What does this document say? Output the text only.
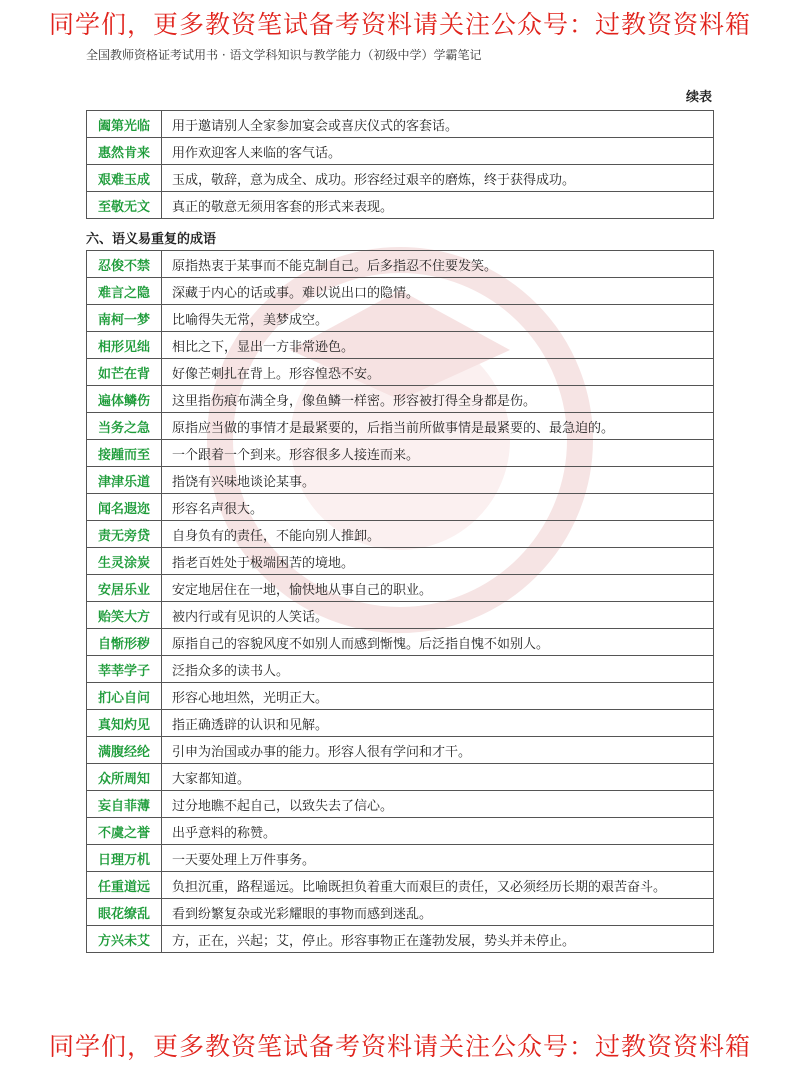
同学们，更多教资笔试备考资料请关注公众号：过教资资料箱
全国教师资格证考试用书 · 语文学科知识与教学能力（初级中学）学霸笔记
续表
阖第光临	用于邀请别人全家参加宴会或喜庆仪式的客套话。
惠然肯来	用作欢迎客人来临的客气话。
艰难玉成	玉成，敬辞，意为成全、成功。形容经过艰辛的磨炼，终于获得成功。
至敬无文	真正的敬意无须用客套的形式来表现。
六、语义易重复的成语
忍俊不禁	原指热衷于某事而不能克制自己。后多指忍不住要发笑。
难言之隐	深藏于内心的话或事。难以说出口的隐情。
南柯一梦	比喻得失无常，美梦成空。
相形见绌	相比之下，显出一方非常逊色。
如芒在背	好像芒刺扎在背上。形容惶恐不安。
遍体鳞伤	这里指伤痕布满全身，像鱼鳞一样密。形容被打得全身都是伤。
当务之急	原指应当做的事情才是最紧要的，后指当前所做事情是最紧要的、最急迫的。
接踵而至	一个跟着一个到来。形容很多人接连而来。
津津乐道	指饶有兴味地谈论某事。
闻名遐迩	形容名声很大。
责无旁贷	自身负有的责任，不能向别人推卸。
生灵涂炭	指老百姓处于极端困苦的境地。
安居乐业	安定地居住在一地，愉快地从事自己的职业。
贻笑大方	被内行或有见识的人笑话。
自惭形秽	原指自己的容貌风度不如别人而感到惭愧。后泛指自愧不如别人。
莘莘学子	泛指众多的读书人。
扪心自问	形容心地坦然，光明正大。
真知灼见	指正确透辟的认识和见解。
满腹经纶	引申为治国或办事的能力。形容人很有学问和才干。
众所周知	大家都知道。
妄自菲薄	过分地瞧不起自己，以致失去了信心。
不虞之誉	出乎意料的称赞。
日理万机	一天要处理上万件事务。
任重道远	负担沉重，路程遥远。比喻既担负着重大而艰巨的责任，又必须经历长期的艰苦奋斗。
眼花缭乱	看到纷繁复杂或光彩耀眼的事物而感到迷乱。
方兴未艾	方，正在，兴起；艾，停止。形容事物正在蓬勃发展，势头并未停止。
同学们，更多教资笔试备考资料请关注公众号：过教资资料箱
